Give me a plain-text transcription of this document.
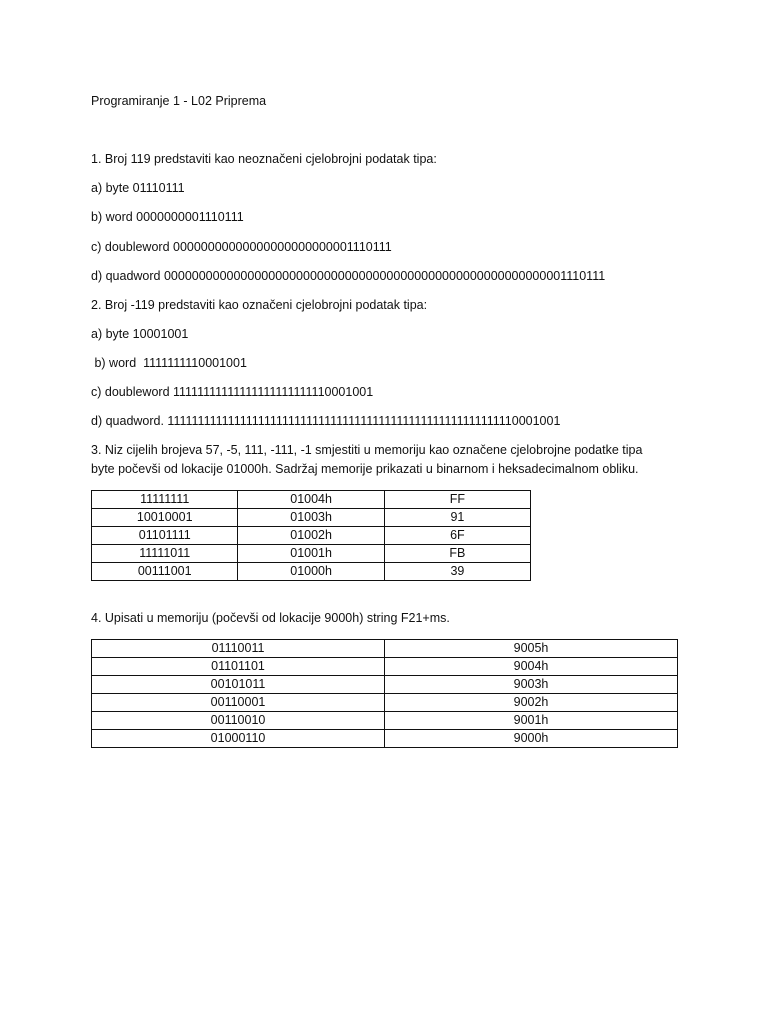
Programiranje 1 - L02 Priprema
1. Broj 119 predstaviti kao neoznačeni cjelobrojni podatak tipa:
a) byte 01110111
b) word 0000000001110111
c) doubleword 00000000000000000000000001110111
d) quadword 0000000000000000000000000000000000000000000000000000000001110111
2. Broj -119 predstaviti kao označeni cjelobrojni podatak tipa:
a) byte 10001001
b) word  1111111110001001
c) doubleword 11111111111111111111111110001001
d) quadword. 1111111111111111111111111111111111111111111111111111111110001001
3. Niz cijelih brojeva 57, -5, 111, -111, -1 smjestiti u memoriju kao označene cjelobrojne podatke tipa
byte počevši od lokacije 01000h. Sadržaj memorije prikazati u binarnom i heksadecimalnom obliku.
11111111	01004h	FF
10010001	01003h	91
01101111	01002h	6F
11111011	01001h	FB
00111001	01000h	39
4. Upisati u memoriju (počevši od lokacije 9000h) string F21+ms.
01110011	9005h
01101101	9004h
00101011	9003h
00110001	9002h
00110010	9001h
01000110	9000h
